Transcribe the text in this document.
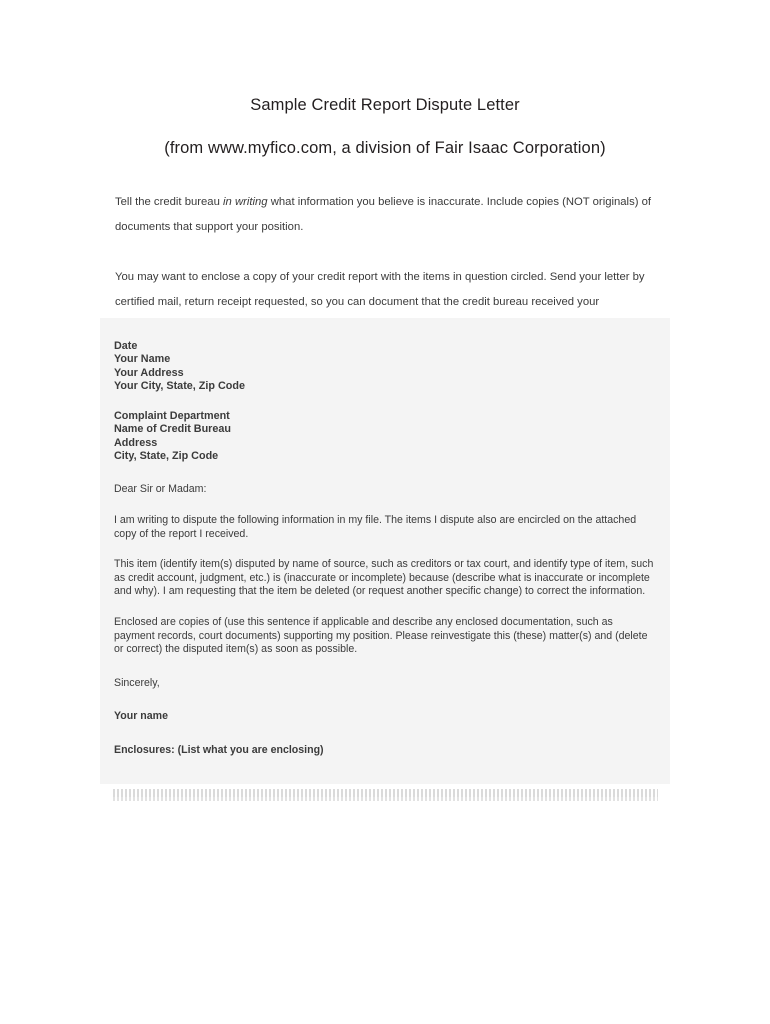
Sample Credit Report Dispute Letter
(from www.myfico.com, a division of Fair Isaac Corporation)

Tell the credit bureau in writing what information you believe is inaccurate. Include copies (NOT originals) of

documents that support your position.

You may want to enclose a copy of your credit report with the items in question circled. Send your letter by

certified mail, return receipt requested, so you can document that the credit bureau received your

Date

Your Name

Your Address

Your City, State, Zip Code

Complaint Department

Name of Credit Bureau

Address

City, State, Zip Code

Dear Sir or Madam:

I am writing to dispute the following information in my file. The items I dispute also are encircled on the attached copy of the report I received.

This item (identify item(s) disputed by name of source, such as creditors or tax court, and identify type of item, such as credit account, judgment, etc.) is (inaccurate or incomplete) because (describe what is inaccurate or incomplete and why). I am requesting that the item be deleted (or request another specific change) to correct the information.

Enclosed are copies of (use this sentence if applicable and describe any enclosed documentation, such as payment records, court documents) supporting my position. Please reinvestigate this (these) matter(s) and (delete or correct) the disputed item(s) as soon as possible.

Sincerely,

Your name

Enclosures: (List what you are enclosing)
